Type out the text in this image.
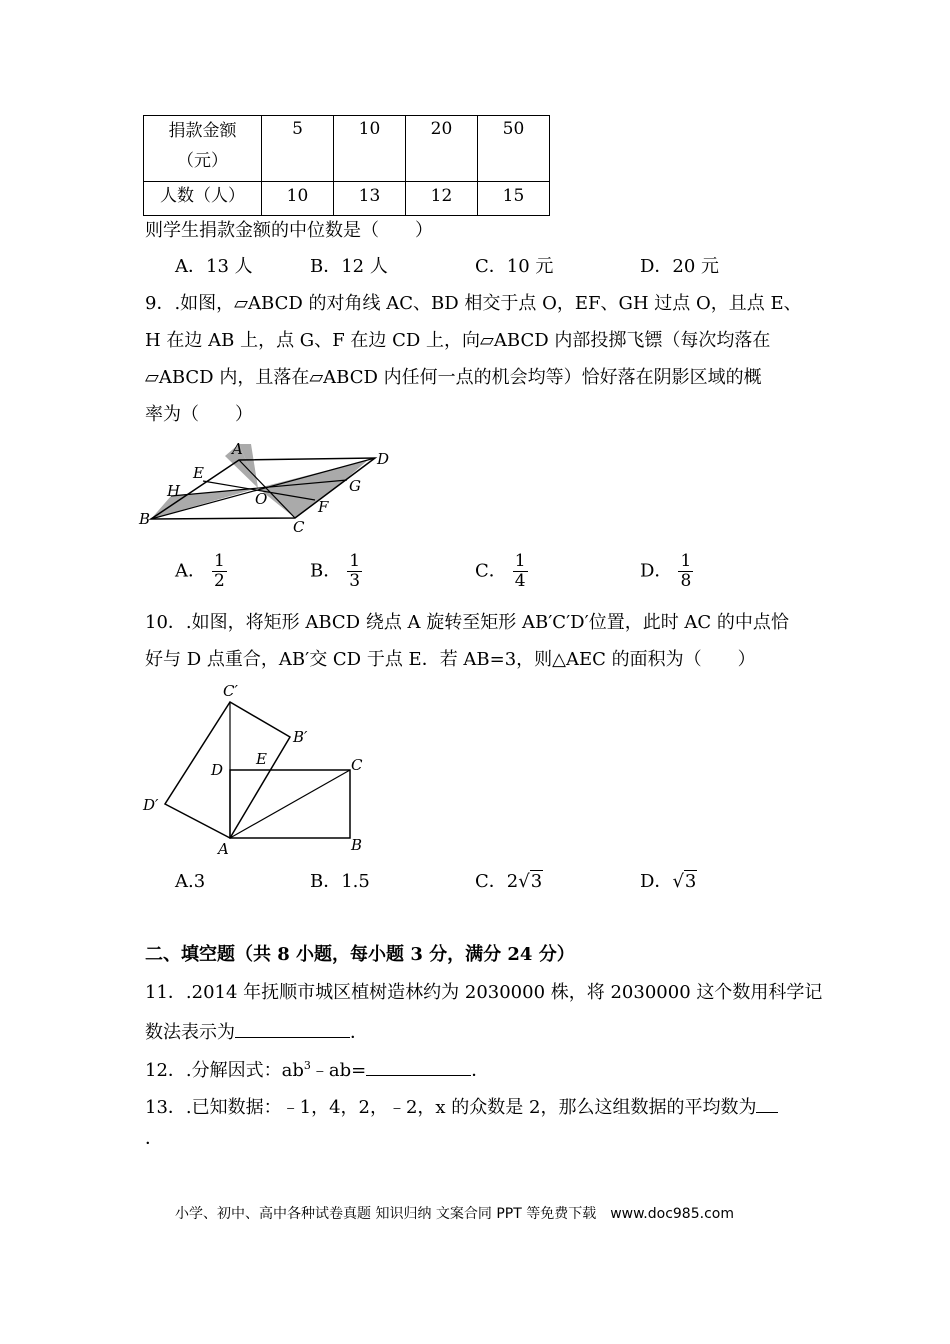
捐款金额
（元）	5	10	20	50
人数（人）	10	13	12	15
则学生捐款金额的中位数是（　　）
A．13 人	B．12 人	C．10 元	D．20 元
9．.如图，▱ABCD 的对角线 AC、BD 相交于点 O，EF、GH 过点 O，且点 E、
H 在边 AB 上，点 G、F 在边 CD 上，向▱ABCD 内部投掷飞镖（每次均落在
▱ABCD 内，且落在▱ABCD 内任何一点的机会均等）恰好落在阴影区域的概
率为（　　）
A
D
E
G
H	O	F
B	C
A． $\frac{1}{2}$	B． $\frac{1}{3}$	C． $\frac{1}{4}$	D． $\frac{1}{8}$
10．.如图，将矩形 ABCD 绕点 A 旋转至矩形 AB′C′D′位置，此时 AC 的中点恰
好与 D 点重合，AB′交 CD 于点 E．若 AB=3，则△AEC 的面积为（　　）
C′
B′
D
E	C
D′
A	B
A.3	B．1.5	C．2√3	D．√3
二、填空题（共 8 小题，每小题 3 分，满分 24 分）
11．.2014 年抚顺市城区植树造林约为 2030000 株，将 2030000 这个数用科学记
数法表示为	．
12．.分解因式：$ab^3﹣ab=$	．
13．.已知数据：﹣1，4，2，﹣2，x 的众数是 2，那么这组数据的平均数为
．
小学、初中、高中各种试卷真题 知识归纳 文案合同 PPT 等免费下载　www.doc985.com
